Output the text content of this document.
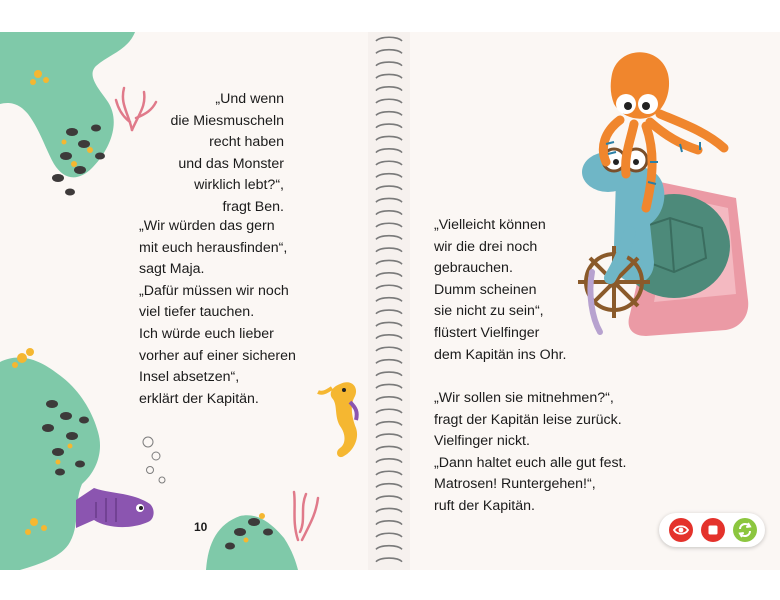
„Und wenn
die Miesmuscheln
recht haben
und das Monster
wirklich lebt?“,
fragt Ben.
„Wir würden das gern
mit euch herausfinden“,
sagt Maja.
„Dafür müssen wir noch
viel tiefer tauchen.
Ich würde euch lieber
vorher auf einer sicheren
Insel absetzen“,
erklärt der Kapitän.
10
„Vielleicht können
wir die drei noch
gebrauchen.
Dumm scheinen
sie nicht zu sein“,
flüstert Vielfinger
dem Kapitän ins Ohr.
„Wir sollen sie mitnehmen?“,
fragt der Kapitän leise zurück.
Vielfinger nickt.
„Dann haltet euch alle gut fest.
Matrosen! Runtergehen!“,
ruft der Kapitän.
